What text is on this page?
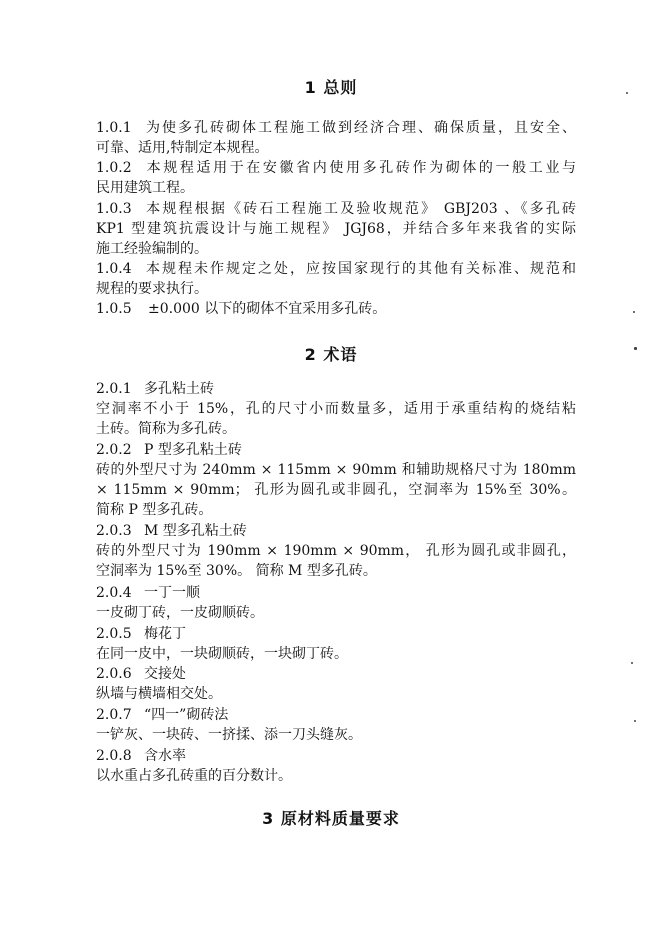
1 总则
1.0.1 为使多孔砖砌体工程施工做到经济合理、确保质量，且安全、
可靠、适用,特制定本规程。
1.0.2 本规程适用于在安徽省内使用多孔砖作为砌体的一般工业与
民用建筑工程。
1.0.3 本规程根据《砖石工程施工及验收规范》 GBJ203 、《多孔砖
KP1 型建筑抗震设计与施工规程》 JGJ68，并结合多年来我省的实际
施工经验编制的。
1.0.4 本规程未作规定之处，应按国家现行的其他有关标准、规范和
规程的要求执行。
1.0.5 ±0.000 以下的砌体不宜采用多孔砖。
2 术语
2.0.1 多孔粘土砖
空洞率不小于 15%，孔的尺寸小而数量多，适用于承重结构的烧结粘
土砖。简称为多孔砖。
2.0.2 P 型多孔粘土砖
砖的外型尺寸为 240mm × 115mm × 90mm 和辅助规格尺寸为 180mm
× 115mm × 90mm； 孔形为圆孔或非圆孔，空洞率为 15%至 30%。
简称 P 型多孔砖。
2.0.3 M 型多孔粘土砖
砖的外型尺寸为 190mm × 190mm × 90mm， 孔形为圆孔或非圆孔，
空洞率为 15%至 30%。 简称 M 型多孔砖。
2.0.4 一丁一顺
一皮砌丁砖，一皮砌顺砖。
2.0.5 梅花丁
在同一皮中，一块砌顺砖，一块砌丁砖。
2.0.6 交接处
纵墙与横墙相交处。
2.0.7 “四一”砌砖法
一铲灰、一块砖、一挤揉、添一刀头缝灰。
2.0.8 含水率
以水重占多孔砖重的百分数计。
3 原材料质量要求
